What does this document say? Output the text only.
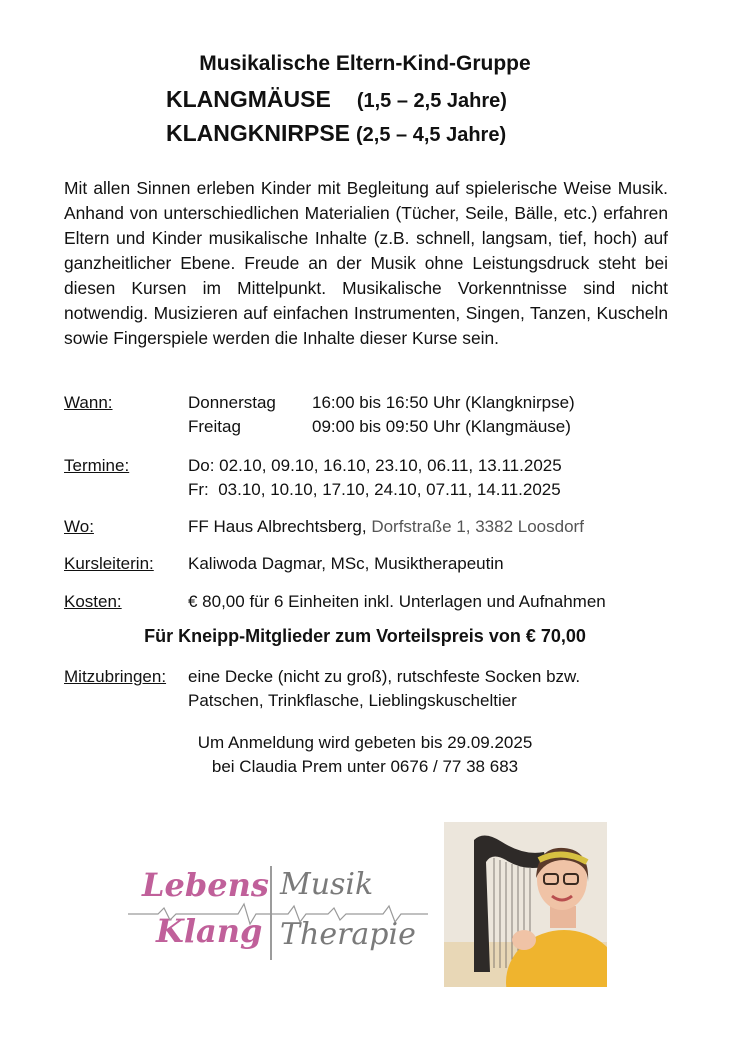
Musikalische Eltern-Kind-Gruppe
KLANGMÄUSE (1,5 – 2,5 Jahre)
KLANGKNIRPSE (2,5 – 4,5 Jahre)

Mit allen Sinnen erleben Kinder mit Begleitung auf spielerische Weise Musik. Anhand von unterschiedlichen Materialien (Tücher, Seile, Bälle, etc.) erfahren Eltern und Kinder musikalische Inhalte (z.B. schnell, langsam, tief, hoch) auf ganzheitlicher Ebene. Freude an der Musik ohne Leistungsdruck steht bei diesen Kursen im Mittelpunkt. Musikalische Vorkenntnisse sind nicht notwendig. Musizieren auf einfachen Instrumenten, Singen, Tanzen, Kuscheln sowie Fingerspiele werden die Inhalte dieser Kurse sein.

Wann:	Donnerstag 16:00 bis 16:50 Uhr (Klangknirpse)
Freitag	09:00 bis 09:50 Uhr (Klangmäuse)
Termine:	Do: 02.10, 09.10, 16.10, 23.10, 06.11, 13.11.2025
Fr:  03.10, 10.10, 17.10, 24.10, 07.11, 14.11.2025
Wo:	FF Haus Albrechtsberg, Dorfstraße 1, 3382 Loosdorf
Kursleiterin: Kaliwoda Dagmar, MSc, Musiktherapeutin
Kosten:	€ 80,00 für 6 Einheiten inkl. Unterlagen und Aufnahmen
Für Kneipp-Mitglieder zum Vorteilspreis von € 70,00
Mitzubringen: eine Decke (nicht zu groß), rutschfeste Socken bzw.
Patschen, Trinkflasche, Lieblingskuscheltier
Um Anmeldung wird gebeten bis 29.09.2025
bei Claudia Prem unter 0676 / 77 38 683
Lebens
Klang
Musik
Therapie
